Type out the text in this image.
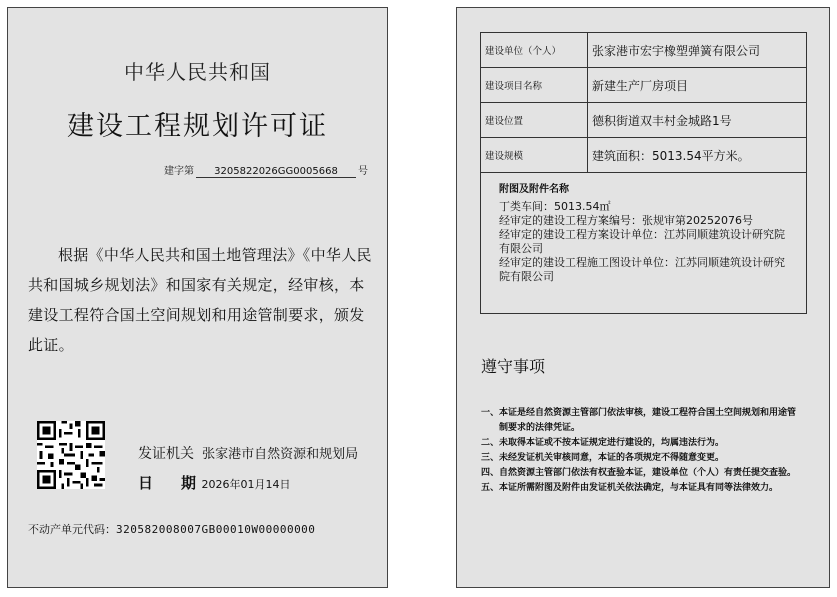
中华人民共和国
建设工程规划许可证
建字第 3205822026GG0005668 号
根据《中华人民共和国土地管理法》《中华人民共和国城乡规划法》和国家有关规定，经审核，本建设工程符合国土空间规划和用途管制要求，颁发此证。
发证机关 张家港市自然资源和规划局
日 期 2026年01月14日
不动产单元代码：320582008007GB00010W00000000
建设单位（个人）	张家港市宏宇橡塑弹簧有限公司
建设项目名称	新建生产厂房项目
建设位置	德积街道双丰村金城路1号
建设规模	建筑面积：5013.54平方米。

附图及附件名称

丁类车间：5013.54㎡

经审定的建设工程方案编号：张规审第20252076号

经审定的建设工程方案设计单位：江苏同顺建筑设计研究院有限公司

经审定的建设工程施工图设计单位：江苏同顺建筑设计研究院有限公司	

遵守事项
一、本证是经自然资源主管部门依法审核，建设工程符合国土空间规划和用途管制要求的法律凭证。
二、未取得本证或不按本证规定进行建设的，均属违法行为。
三、未经发证机关审核同意，本证的各项规定不得随意变更。
四、自然资源主管部门依法有权查验本证，建设单位（个人）有责任提交查验。
五、本证所需附图及附件由发证机关依法确定，与本证具有同等法律效力。
